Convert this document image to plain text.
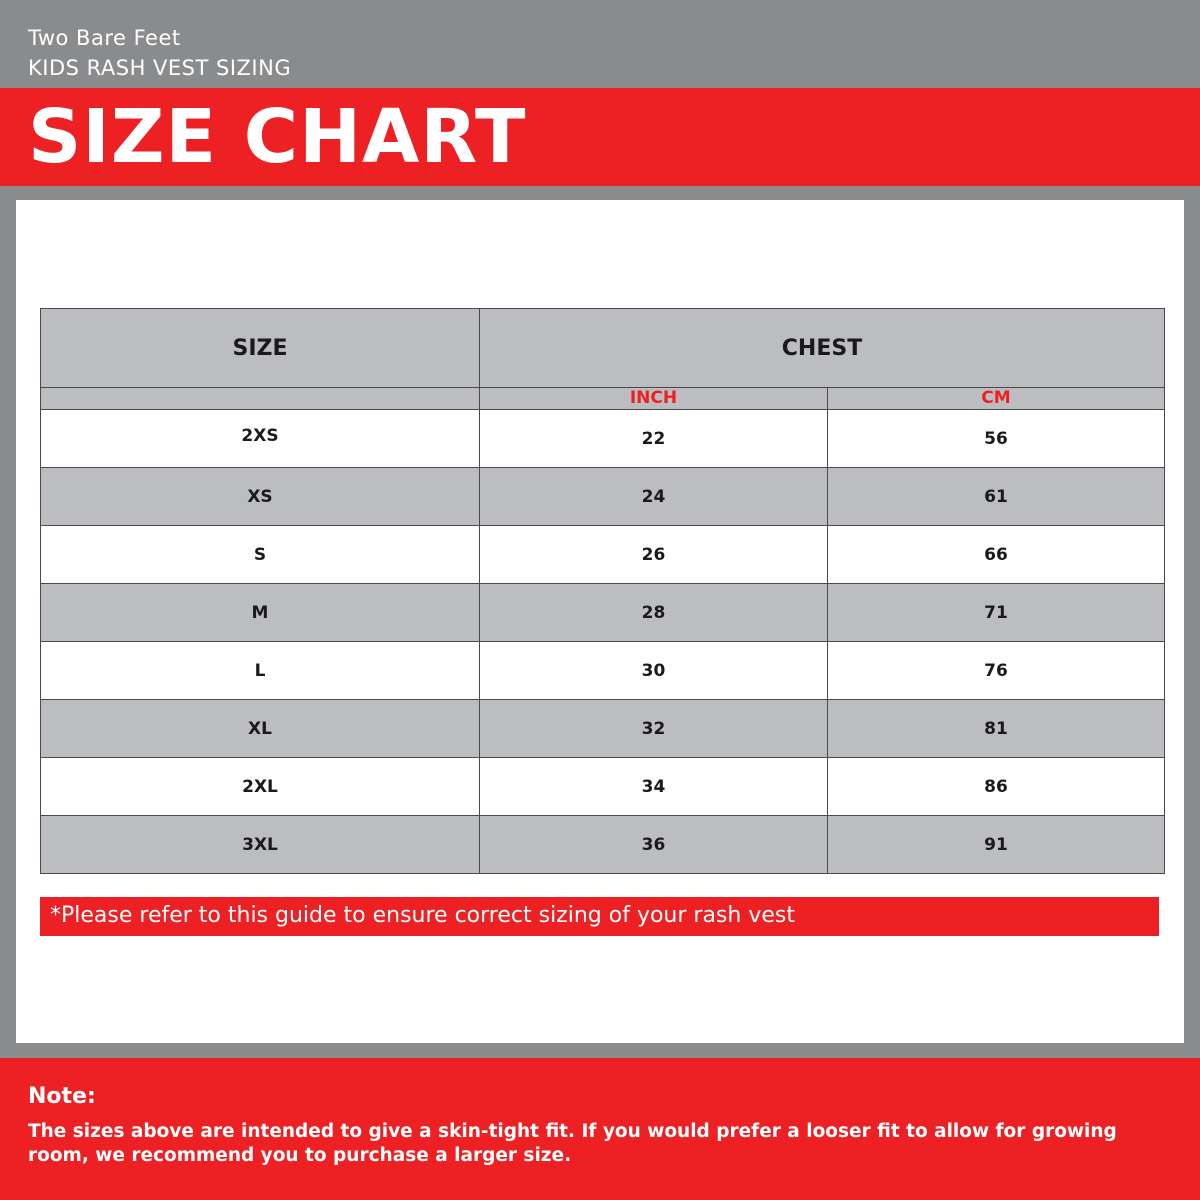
Two Bare Feet
KIDS RASH VEST SIZING
SIZE CHART
SIZE	CHEST	
	INCH	CM
2XS	22	56
XS	24	61
S	26	66
M	28	71
L	30	76
XL	32	81
2XL	34	86
3XL	36	91
*Please refer to this guide to ensure correct sizing of your rash vest
Note:
The sizes above are intended to give a skin-tight fit. If you would prefer a looser fit to allow for growing room, we recommend you to purchase a larger size.
